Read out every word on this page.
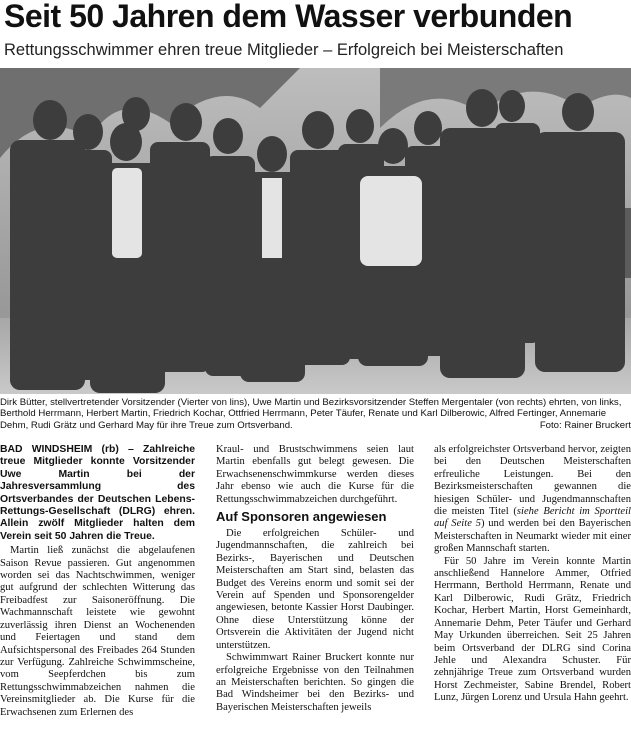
Seit 50 Jahren dem Wasser verbunden
Rettungsschwimmer ehren treue Mitglieder – Erfolgreich bei Meisterschaften
Dirk Bütter, stellvertretender Vorsitzender (Vierter von lins), Uwe Martin und Bezirksvorsitzender Steffen Mergentaler (von rechts) ehrten, von links, Berthold Herrmann, Herbert Martin, Friedrich Kochar, Ottfried Herrmann, Peter Täufer, Renate und Karl Dilberowic, Alfred Fertinger, Annemarie Dehm, Rudi Grätz und Gerhard May für ihre Treue zum Ortsverband.	Foto: Rainer Bruckert

BAD WINDSHEIM (rb) – Zahlreiche treue Mitglieder konnte Vorsitzender Uwe Martin bei der Jahresversammlung des Ortsverbandes der Deutschen Lebens-Rettungs-Gesellschaft (DLRG) ehren. Allein zwölf Mitglieder halten dem Verein seit 50 Jahren die Treue.

Martin ließ zunächst die abgelaufenen Saison Revue passieren. Gut angenommen worden sei das Nachtschwimmen, weniger gut aufgrund der schlechten Witterung das Freibadfest zur Saisoneröffnung. Die Wachmannschaft leistete wie gewohnt zuverlässig ihren Dienst an Wochenenden und Feiertagen und stand dem Aufsichtspersonal des Freibades 264 Stunden zur Verfügung. Zahlreiche Schwimmscheine, vom Seepferdchen bis zum Rettungsschwimmabzeichen nahmen die Vereinsmitglieder ab. Die Kurse für die Erwachsenen zum Erlernen des

Kraul- und Brustschwimmens seien laut Martin ebenfalls gut belegt gewesen. Die Erwachsenenschwimmkurse werden dieses Jahr ebenso wie auch die Kurse für die Rettungsschwimmabzeichen durchgeführt.

Auf Sponsoren angewiesen

Die erfolgreichen Schüler- und Jugendmannschaften, die zahlreich bei Bezirks-, Bayerischen und Deutschen Meisterschaften am Start sind, belasten das Budget des Vereins enorm und somit sei der Verein auf Spenden und Sponsorengelder angewiesen, betonte Kassier Horst Daubinger. Ohne diese Unterstützung könne der Ortsverein die Aktivitäten der Jugend nicht unterstützen.

Schwimmwart Rainer Bruckert konnte nur erfolgreiche Ergebnisse von den Teilnahmen an Meisterschaften berichten. So gingen die Bad Windsheimer bei den Bezirks- und Bayerischen Meisterschaften jeweils

als erfolgreichster Ortsverband hervor, zeigten bei den Deutschen Meisterschaften erfreuliche Leistungen. Bei den Bezirksmeisterschaften gewannen die hiesigen Schüler- und Jugendmannschaften die meisten Titel (siehe Bericht im Sportteil auf Seite 5) und werden bei den Bayerischen Meisterschaften in Neumarkt wieder mit einer großen Mannschaft starten.

Für 50 Jahre im Verein konnte Martin anschließend Hannelore Ammer, Otfried Herrmann, Berthold Herrmann, Renate und Karl Dilberowic, Rudi Grätz, Friedrich Kochar, Herbert Martin, Horst Gemeinhardt, Annemarie Dehm, Peter Täufer und Gerhard May Urkunden überreichen. Seit 25 Jahren beim Ortsverband der DLRG sind Corina Jehle und Alexandra Schuster. Für zehnjährige Treue zum Ortsverband wurden Horst Zechmeister, Sabine Brendel, Robert Lunz, Jürgen Lorenz und Ursula Hahn geehrt.
